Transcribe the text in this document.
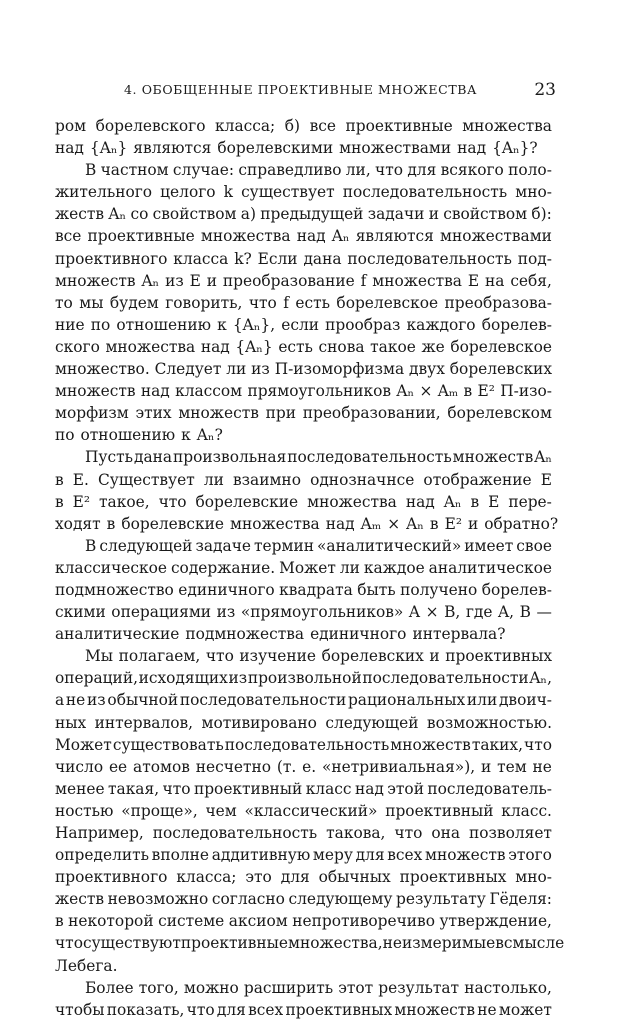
4. ОБОБЩЕННЫЕ ПРОЕКТИВНЫЕ МНОЖЕСТВА	23
ром борелевского класса; б) все проективные множества
над {Aₙ} являются борелевскими множествами над {Aₙ}?
В частном случае: справедливо ли, что для всякого поло-
жительного целого k существует последовательность мно-
жеств Aₙ со свойством а) предыдущей задачи и свойством б):
все проективные множества над Aₙ являются множествами
проективного класса k? Если дана последовательность под-
множеств Aₙ из E и преобразование f множества E на себя,
то мы будем говорить, что f есть борелевское преобразова-
ние по отношению к {Aₙ}, если прообраз каждого борелев-
ского множества над {Aₙ} есть снова такое же борелевское
множество. Следует ли из П-изоморфизма двух борелевских
множеств над классом прямоугольников Aₙ × Aₘ в E² П-изо-
морфизм этих множеств при преобразовании, борелевском
по отношению к Aₙ?
Пусть дана произвольная последовательность множеств Aₙ
в E. Существует ли взаимно однозначнсе отображение E
в E² такое, что борелевские множества над Aₙ в E пере-
ходят в борелевские множества над Aₘ × Aₙ в E² и обратно?
В следующей задаче термин «аналитический» имеет свое
классическое содержание. Может ли каждое аналитическое
подмножество единичного квадрата быть получено борелев-
скими операциями из «прямоугольников» A × B, где A, B —
аналитические подмножества единичного интервала?
Мы полагаем, что изучение борелевских и проективных
операций, исходящих из произвольной последовательности Aₙ,
а не из обычной последовательности рациональных или двоич-
ных интервалов, мотивировано следующей возможностью.
Может существовать последовательность множеств таких, что
число ее атомов несчетно (т. е. «нетривиальная»), и тем не
менее такая, что проективный класс над этой последователь-
ностью «проще», чем «классический» проективный класс.
Например, последовательность такова, что она позволяет
определить вполне аддитивную меру для всех множеств этого
проективного класса; это для обычных проективных мно-
жеств невозможно согласно следующему результату Гёделя:
в некоторой системе аксиом непротиворечиво утверждение,
что существуют проективные множества, не измеримые в смысле
Лебега.
Более того, можно расширить этот результат настолько,
чтобы показать, что для всех проективных множеств не может
